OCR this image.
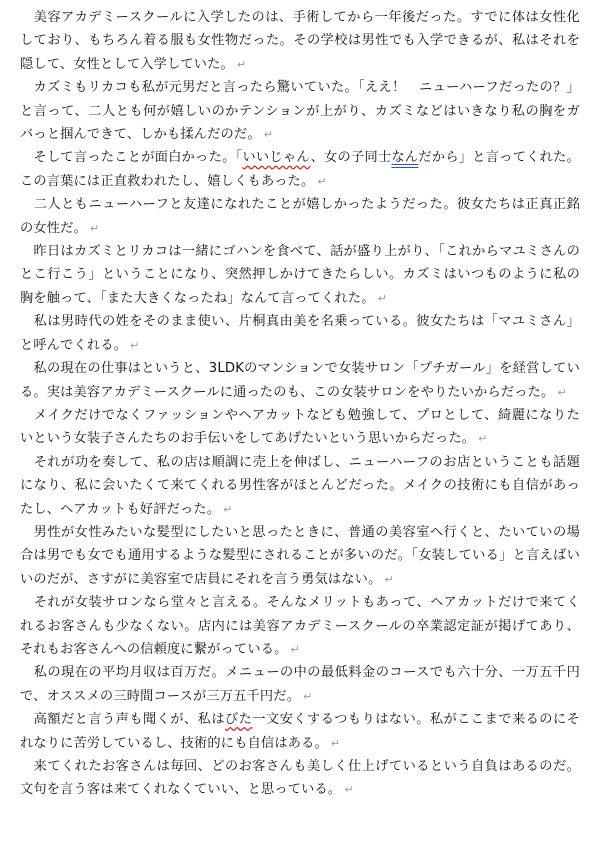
　美容アカデミースクールに入学したのは、手術してから一年後だった。すでに体は女性化しており、もちろん着る服も女性物だった。その学校は男性でも入学できるが、私はそれを隠して、女性として入学していた。 ↵

　カズミもリカコも私が元男だと言ったら驚いていた。「ええ！　ニューハーフだったの？」と言って、二人とも何が嬉しいのかテンションが上がり、カズミなどはいきなり私の胸をガバっと掴んできて、しかも揉んだのだ。 ↵

　そして言ったことが面白かった。「いいじゃん、女の子同士なんだから」と言ってくれた。この言葉には正直救われたし、嬉しくもあった。 ↵

　二人ともニューハーフと友達になれたことが嬉しかったようだった。彼女たちは正真正銘の女性だ。 ↵

　昨日はカズミとリカコは一緒にゴハンを食べて、話が盛り上がり、「これからマユミさんのとこ行こう」ということになり、突然押しかけてきたらしい。カズミはいつものように私の胸を触って、「また大きくなったね」なんて言ってくれた。 ↵

　私は男時代の姓をそのまま使い、片桐真由美を名乗っている。彼女たちは「マユミさん」と呼んでくれる。 ↵

　私の現在の仕事はというと、3LDKのマンションで女装サロン「プチガール」を経営している。実は美容アカデミースクールに通ったのも、この女装サロンをやりたいからだった。 ↵

　メイクだけでなくファッションやヘアカットなども勉強して、プロとして、綺麗になりたいという女装子さんたちのお手伝いをしてあげたいという思いからだった。 ↵

　それが功を奏して、私の店は順調に売上を伸ばし、ニューハーフのお店ということも話題になり、私に会いたくて来てくれる男性客がほとんどだった。メイクの技術にも自信があったし、ヘアカットも好評だった。 ↵

　男性が女性みたいな髪型にしたいと思ったときに、普通の美容室へ行くと、たいていの場合は男でも女でも通用するような髪型にされることが多いのだ。「女装している」と言えばいいのだが、さすがに美容室で店員にそれを言う勇気はない。 ↵

　それが女装サロンなら堂々と言える。そんなメリットもあって、ヘアカットだけで来てくれるお客さんも少なくない。店内には美容アカデミースクールの卒業認定証が掲げてあり、それもお客さんへの信頼度に繋がっている。 ↵

　私の現在の平均月収は百万だ。メニューの中の最低料金のコースでも六十分、一万五千円で、オススメの三時間コースが三万五千円だ。 ↵

　高額だと言う声も聞くが、私はびた一文安くするつもりはない。私がここまで来るのにそれなりに苦労しているし、技術的にも自信はある。 ↵

　来てくれたお客さんは毎回、どのお客さんも美しく仕上げているという自負はあるのだ。文句を言う客は来てくれなくていい、と思っている。 ↵
